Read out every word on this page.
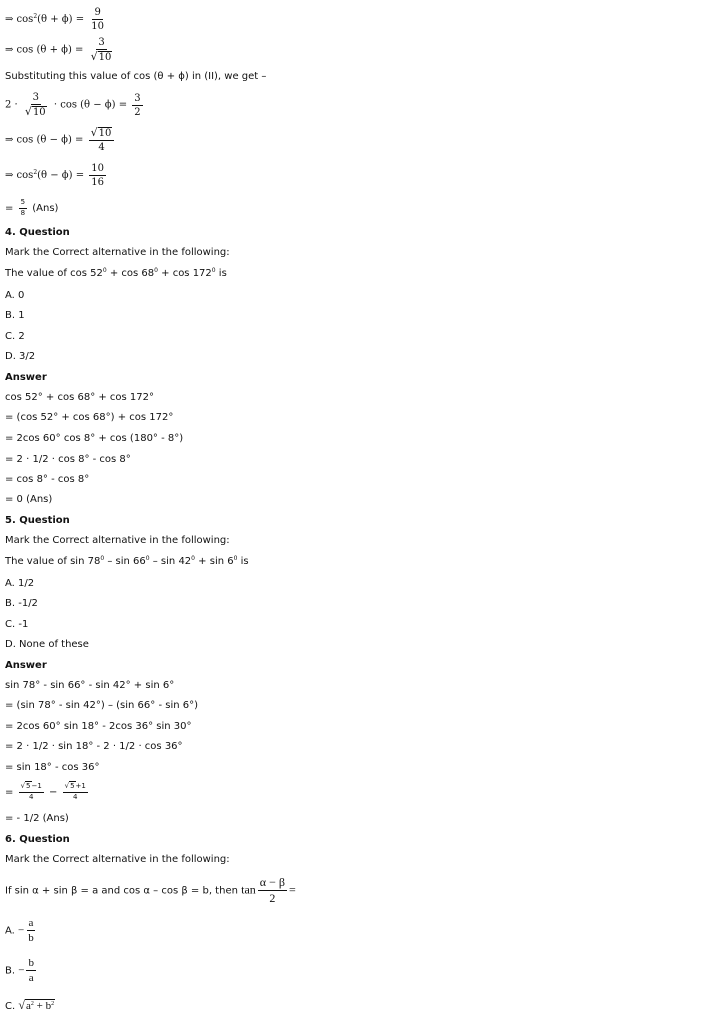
⇒ $\cos^2(\theta + \phi) = \frac{9}{10}$
⇒ $\cos (\theta + \phi) = \frac{3}{√10}$
Substituting this value of cos (θ + ϕ) in (II), we get –
$2 \cdot \frac{3}{√10} \cdot \cos (\theta - \phi) = \frac{3}{2}$
⇒ $\cos (\theta - \phi) = \frac{√10}{4}$
⇒ $\cos^2(\theta - \phi) = \frac{10}{16}$
= $\frac{5}{8} (Ans)$
4. Question
Mark the Correct alternative in the following:
The value of $\cos 52^0 + \cos 68^0 + \cos 172^0$ is
A. 0
B. 1
C. 2
D. 3/2
Answer
cos 52° + cos 68° + cos 172°
= (cos 52° + cos 68°) + cos 172°
= 2cos 60° cos 8° + cos (180° - 8°)
= 2 · 1/2 · cos 8° - cos 8°
= cos 8° - cos 8°
= 0 (Ans)
5. Question
Mark the Correct alternative in the following:
The value of $\sin 78^0 - \sin 66^0 - \sin 42^0 + \sin 6^0$ is
A. 1/2
B. -1/2
C. -1
D. None of these
Answer
sin 78° - sin 66° - sin 42° + sin 6°
= (sin 78° - sin 42°) – (sin 66° - sin 6°)
= 2cos 60° sin 18° - 2cos 36° sin 30°
= 2 · 1/2 · sin 18° - 2 · 1/2 · cos 36°
= sin 18° - cos 36°
= $\frac{√5-1}{4} - \frac{√5+1}{4}$
= - 1/2 (Ans)
6. Question
Mark the Correct alternative in the following:
If sin α + sin β = a and cos α – cos β = b, then $\tan \frac{\alpha - \beta}{2}$ =
A. − $\frac{a}{b}$
B. − $\frac{b}{a}$
C. $√a^2 + b^2$
